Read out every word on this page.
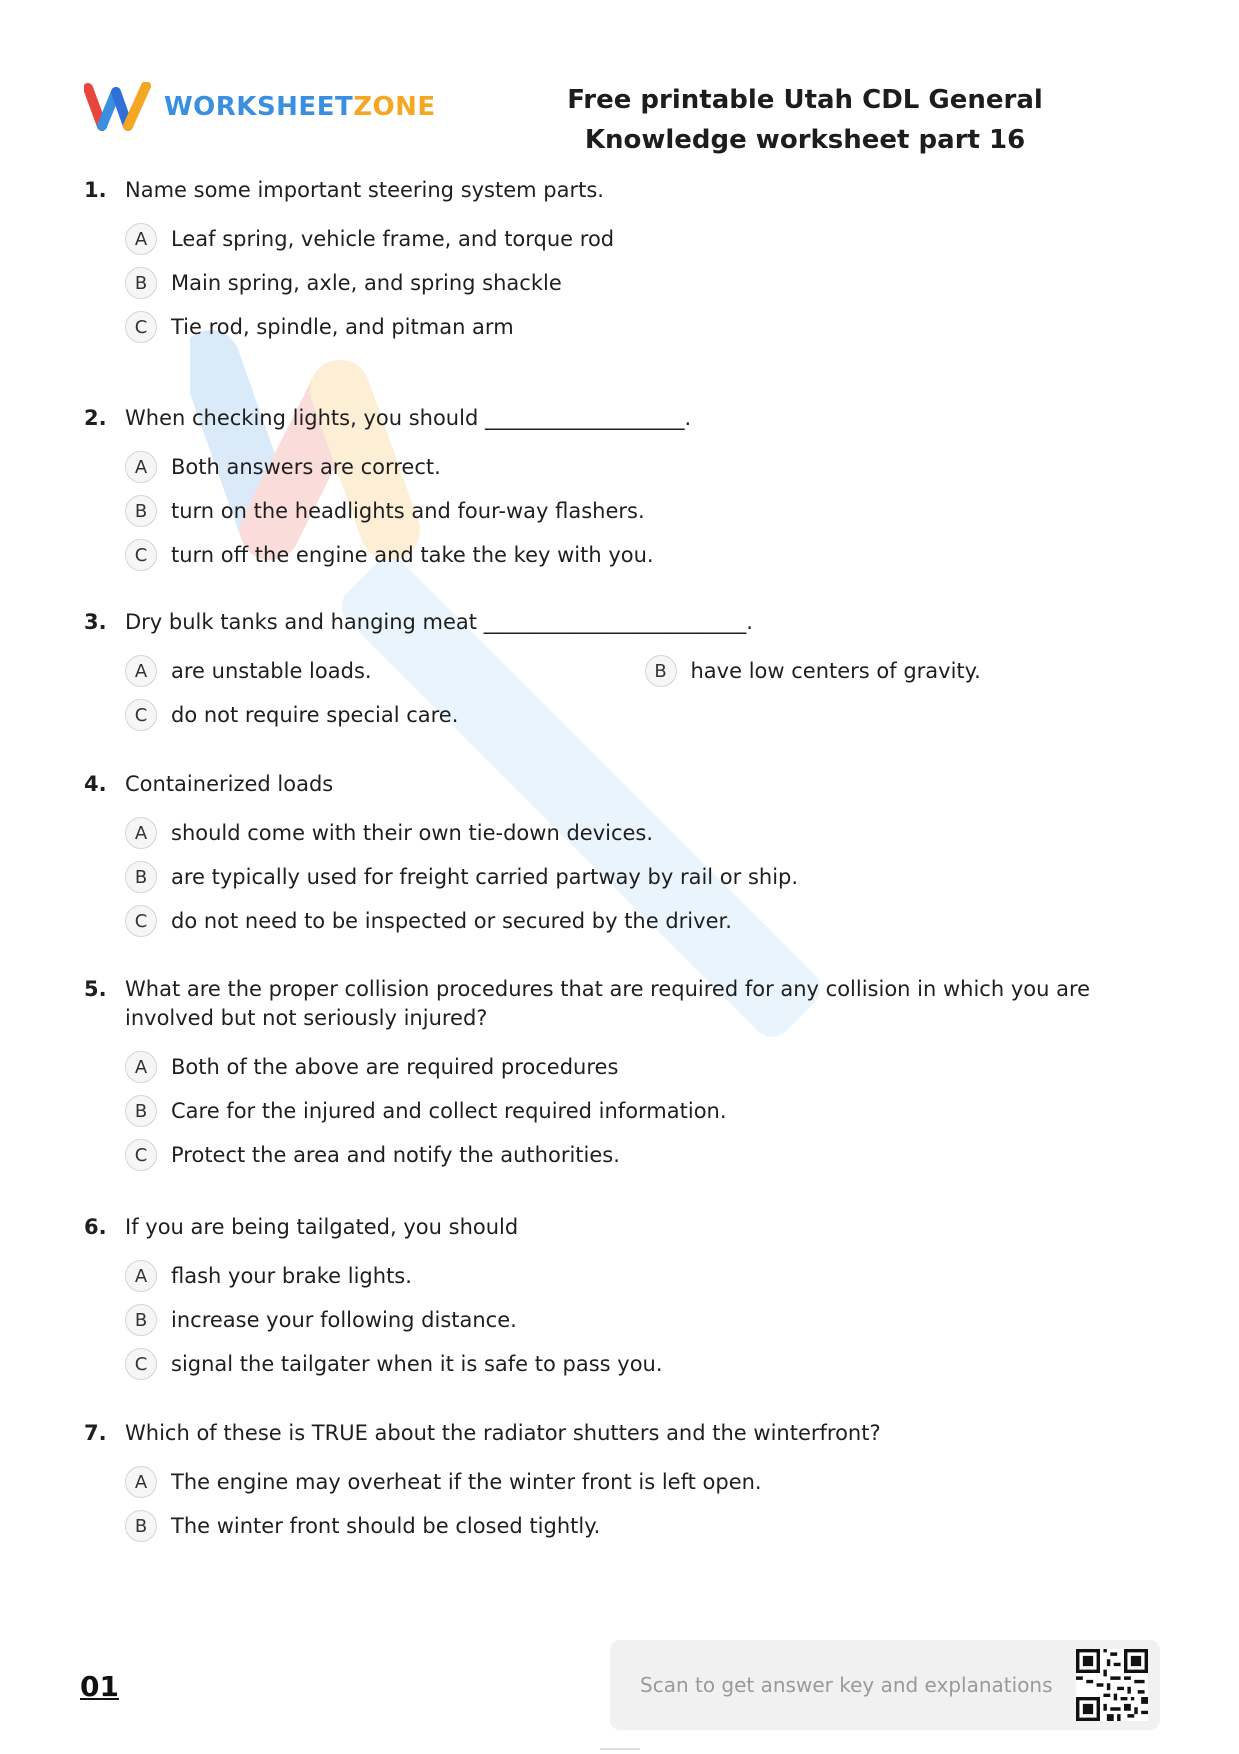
WORKSHEETZONE	Free printable Utah CDL General
Knowledge worksheet part 16
1. Name some important steering system parts.
A	Leaf spring, vehicle frame, and torque rod
B	Main spring, axle, and spring shackle
C	Tie rod, spindle, and pitman arm
2. When checking lights, you should ___________________.
A	Both answers are correct.
B	turn on the headlights and four-way flashers.
C	turn off the engine and take the key with you.
3. Dry bulk tanks and hanging meat _________________________.
A	are unstable loads.	B	have low centers of gravity.
C	do not require special care.
4. Containerized loads
A	should come with their own tie-down devices.
B	are typically used for freight carried partway by rail or ship.
C	do not need to be inspected or secured by the driver.
5. What are the proper collision procedures that are required for any collision in which you are involved but not seriously injured?
A	Both of the above are required procedures
B	Care for the injured and collect required information.
C	Protect the area and notify the authorities.
6. If you are being tailgated, you should
A	flash your brake lights.
B	increase your following distance.
C	signal the tailgater when it is safe to pass you.
7. Which of these is TRUE about the radiator shutters and the winterfront?
A	The engine may overheat if the winter front is left open.
B	The winter front should be closed tightly.
01	Scan to get answer key and explanations
